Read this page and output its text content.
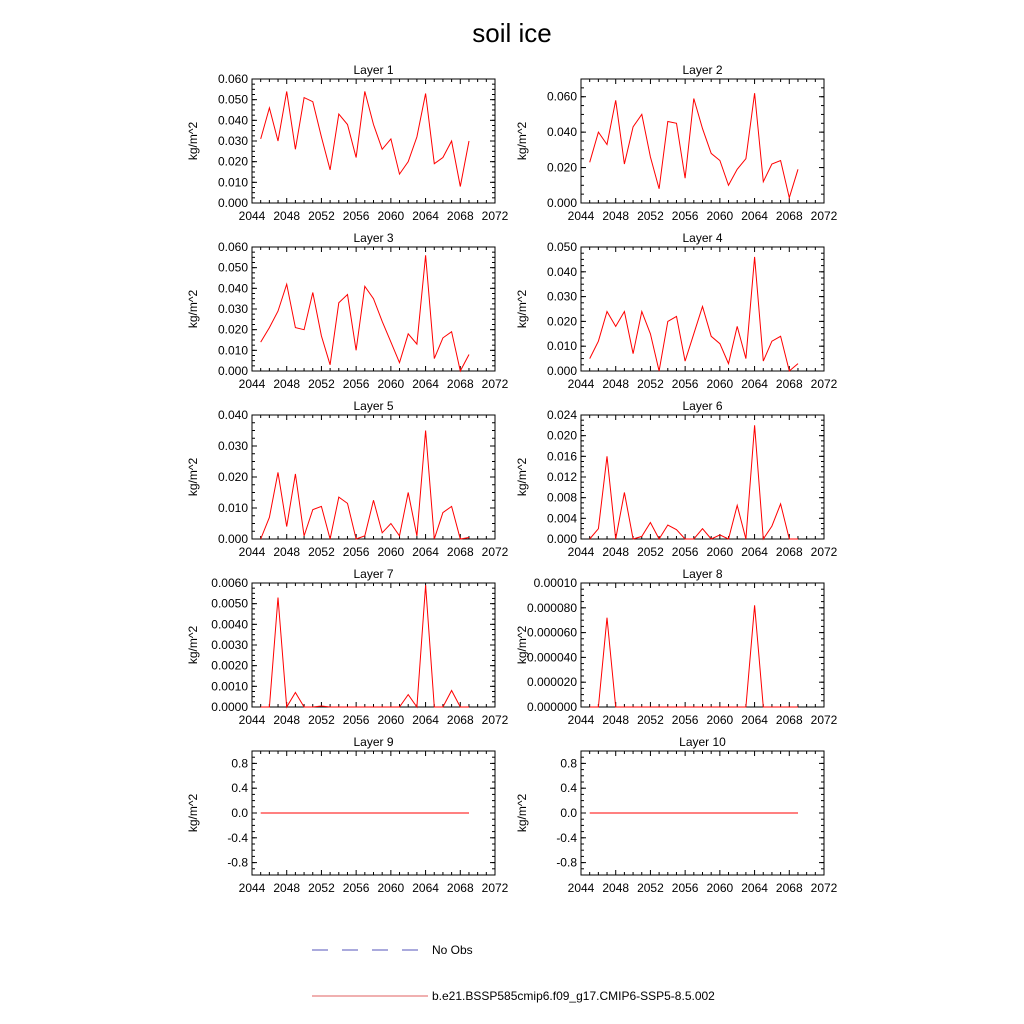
soil ice
Layer 1
2044 2048 2052 2056 2060 2064 2068 2072
0.000
0.010
0.020
0.030
0.040
0.050
0.060
kg/m^2
Layer 2
2044 2048 2052 2056 2060 2064 2068 2072
0.000
0.020
0.040
0.060
kg/m^2
Layer 3
2044 2048 2052 2056 2060 2064 2068 2072
0.000
0.010
0.020
0.030
0.040
0.050
0.060
kg/m^2
Layer 4
2044 2048 2052 2056 2060 2064 2068 2072
0.000
0.010
0.020
0.030
0.040
0.050
kg/m^2
Layer 5
2044 2048 2052 2056 2060 2064 2068 2072
0.000
0.010
0.020
0.030
0.040
kg/m^2
Layer 6
2044 2048 2052 2056 2060 2064 2068 2072
0.000
0.004
0.008
0.012
0.016
0.020
0.024
kg/m^2
Layer 7
2044 2048 2052 2056 2060 2064 2068 2072
0.0000
0.0010
0.0020
0.0030
0.0040
0.0050
0.0060
kg/m^2
Layer 8
2044 2048 2052 2056 2060 2064 2068 2072
0.000000
0.000020
0.000040
0.000060
0.000080
0.00010
kg/m^2
Layer 9
2044 2048 2052 2056 2060 2064 2068 2072
-0.8
-0.4
0.0
0.4
0.8
kg/m^2
Layer 10
2044 2048 2052 2056 2060 2064 2068 2072
-0.8
-0.4
0.0
0.4
0.8
kg/m^2
No Obs
b.e21.BSSP585cmip6.f09_g17.CMIP6-SSP5-8.5.002
